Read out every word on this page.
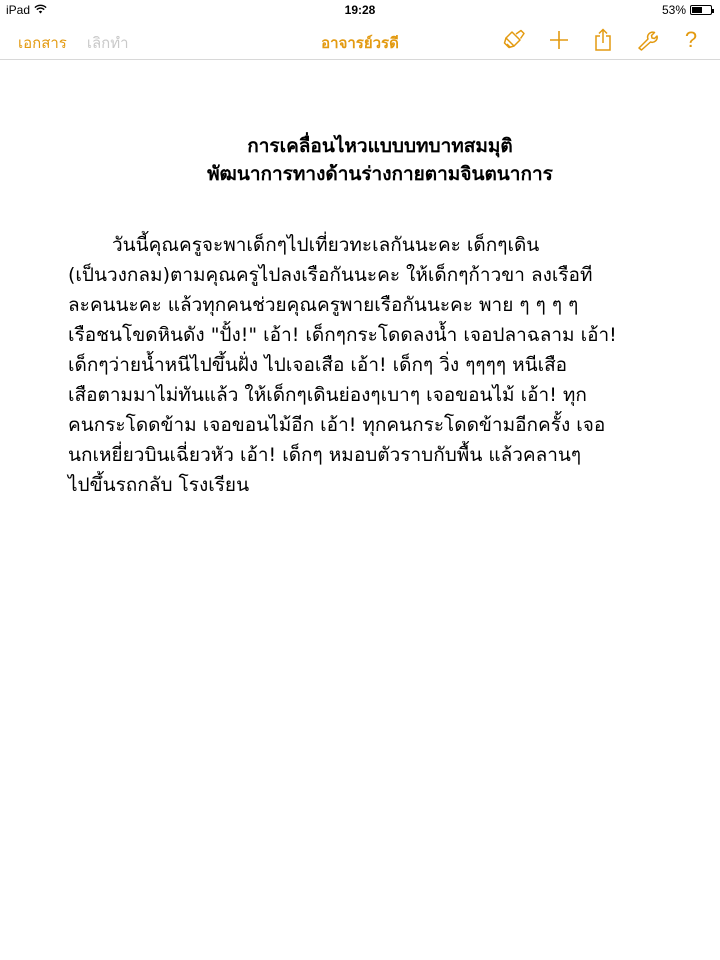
iPad	19:28	53%
เอกสาร เลิกทำ	อาจารย์วรดี	?
การเคลื่อนไหวแบบบทบาทสมมุติ
พัฒนาการทางด้านร่างกายตามจินตนาการ
วันนี้คุณครูจะพาเด็กๆไปเที่ยวทะเลกันนะคะ เด็กๆเดิน
(เป็นวงกลม)ตามคุณครูไปลงเรือกันนะคะ ให้เด็กๆก้าวขา ลงเรือที
ละคนนะคะ แล้วทุกคนช่วยคุณครูพายเรือกันนะคะ พาย ๆ ๆ ๆ ๆ
เรือชนโขดหินดัง "ปั้ง!" เอ้า! เด็กๆกระโดดลงน้ำ เจอปลาฉลาม เอ้า!
เด็กๆว่ายน้ำหนีไปขึ้นฝั่ง ไปเจอเสือ เอ้า! เด็กๆ วิ่ง ๆๆๆๆ หนีเสือ
เสือตามมาไม่ทันแล้ว ให้เด็กๆเดินย่องๆเบาๆ เจอขอนไม้ เอ้า! ทุก
คนกระโดดข้าม เจอขอนไม้อีก เอ้า! ทุกคนกระโดดข้ามอีกครั้ง เจอ
นกเหยี่ยวบินเฉี่ยวหัว เอ้า! เด็กๆ หมอบตัวราบกับพื้น แล้วคลานๆ
ไปขึ้นรถกลับ โรงเรียน
